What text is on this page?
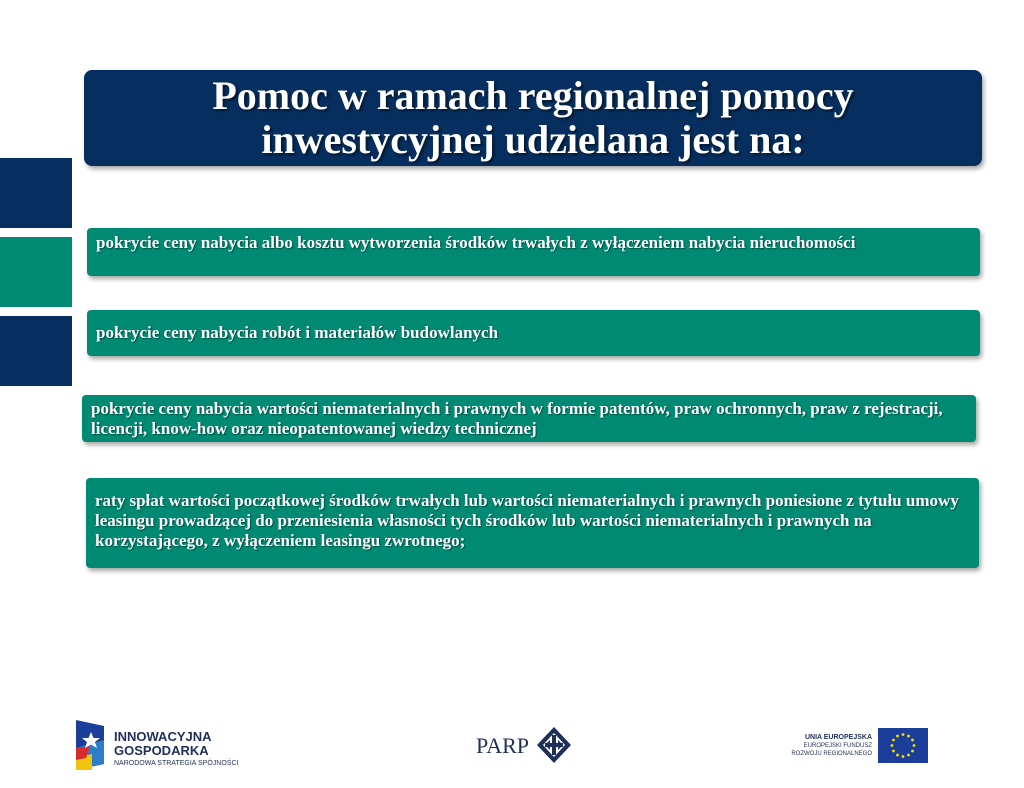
Pomoc w ramach regionalnej pomocy
inwestycyjnej udzielana jest na:

pokrycie ceny nabycia albo kosztu wytworzenia środków trwałych z wyłączeniem nabycia nieruchomości

pokrycie ceny nabycia robót i materiałów budowlanych

pokrycie ceny nabycia wartości niematerialnych i prawnych w formie patentów, praw ochronnych, praw z rejestracji, licencji, know-how oraz nieopatentowanej wiedzy technicznej

raty spłat wartości początkowej środków trwałych lub wartości niematerialnych i prawnych poniesione z tytułu umowy leasingu prowadzącej do przeniesienia własności tych środków lub wartości niematerialnych i prawnych na korzystającego, z wyłączeniem leasingu zwrotnego;

INNOWACYJNA

GOSPODARKA

NARODOWA STRATEGIA SPÓJNOŚCI

PARP	UNIA EUROPEJSKA

EUROPEJSKI FUNDUSZ

ROZWOJU REGIONALNEGO
